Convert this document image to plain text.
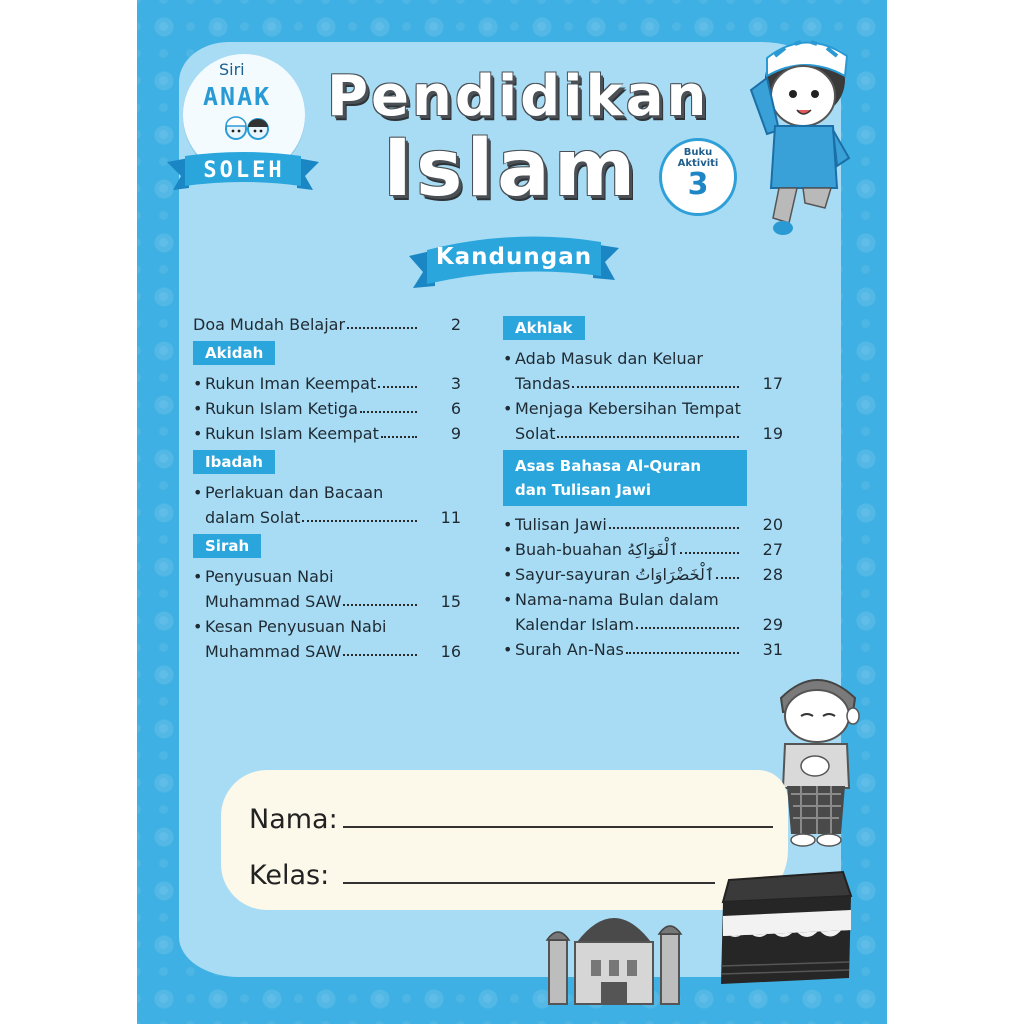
Siri
ANAK
SOLEH
Pendidikan
Islam	Buku
Aktiviti
3
Kandungan
Doa Mudah Belajar	2
Akidah
• Rukun Iman Keempat	3
• Rukun Islam Ketiga	6
• Rukun Islam Keempat	9
Ibadah
• Perlakuan dan Bacaan
dalam Solat	11
Sirah
• Penyusuan Nabi
Muhammad SAW	15
• Kesan Penyusuan Nabi
Muhammad SAW	16
Akhlak
• Adab Masuk dan Keluar
Tandas	17
• Menjaga Kebersihan Tempat
Solat	19
Asas Bahasa Al-Quran dan Tulisan Jawi
• Tulisan Jawi	20
• Buah-buahan ٱلْفَوَاكِهُ	27
• Sayur-sayuran ٱلْخَضْرَاوَاتُ	28
• Nama-nama Bulan dalam
Kalendar Islam	29
• Surah An-Nas	31
Nama:
Kelas:
